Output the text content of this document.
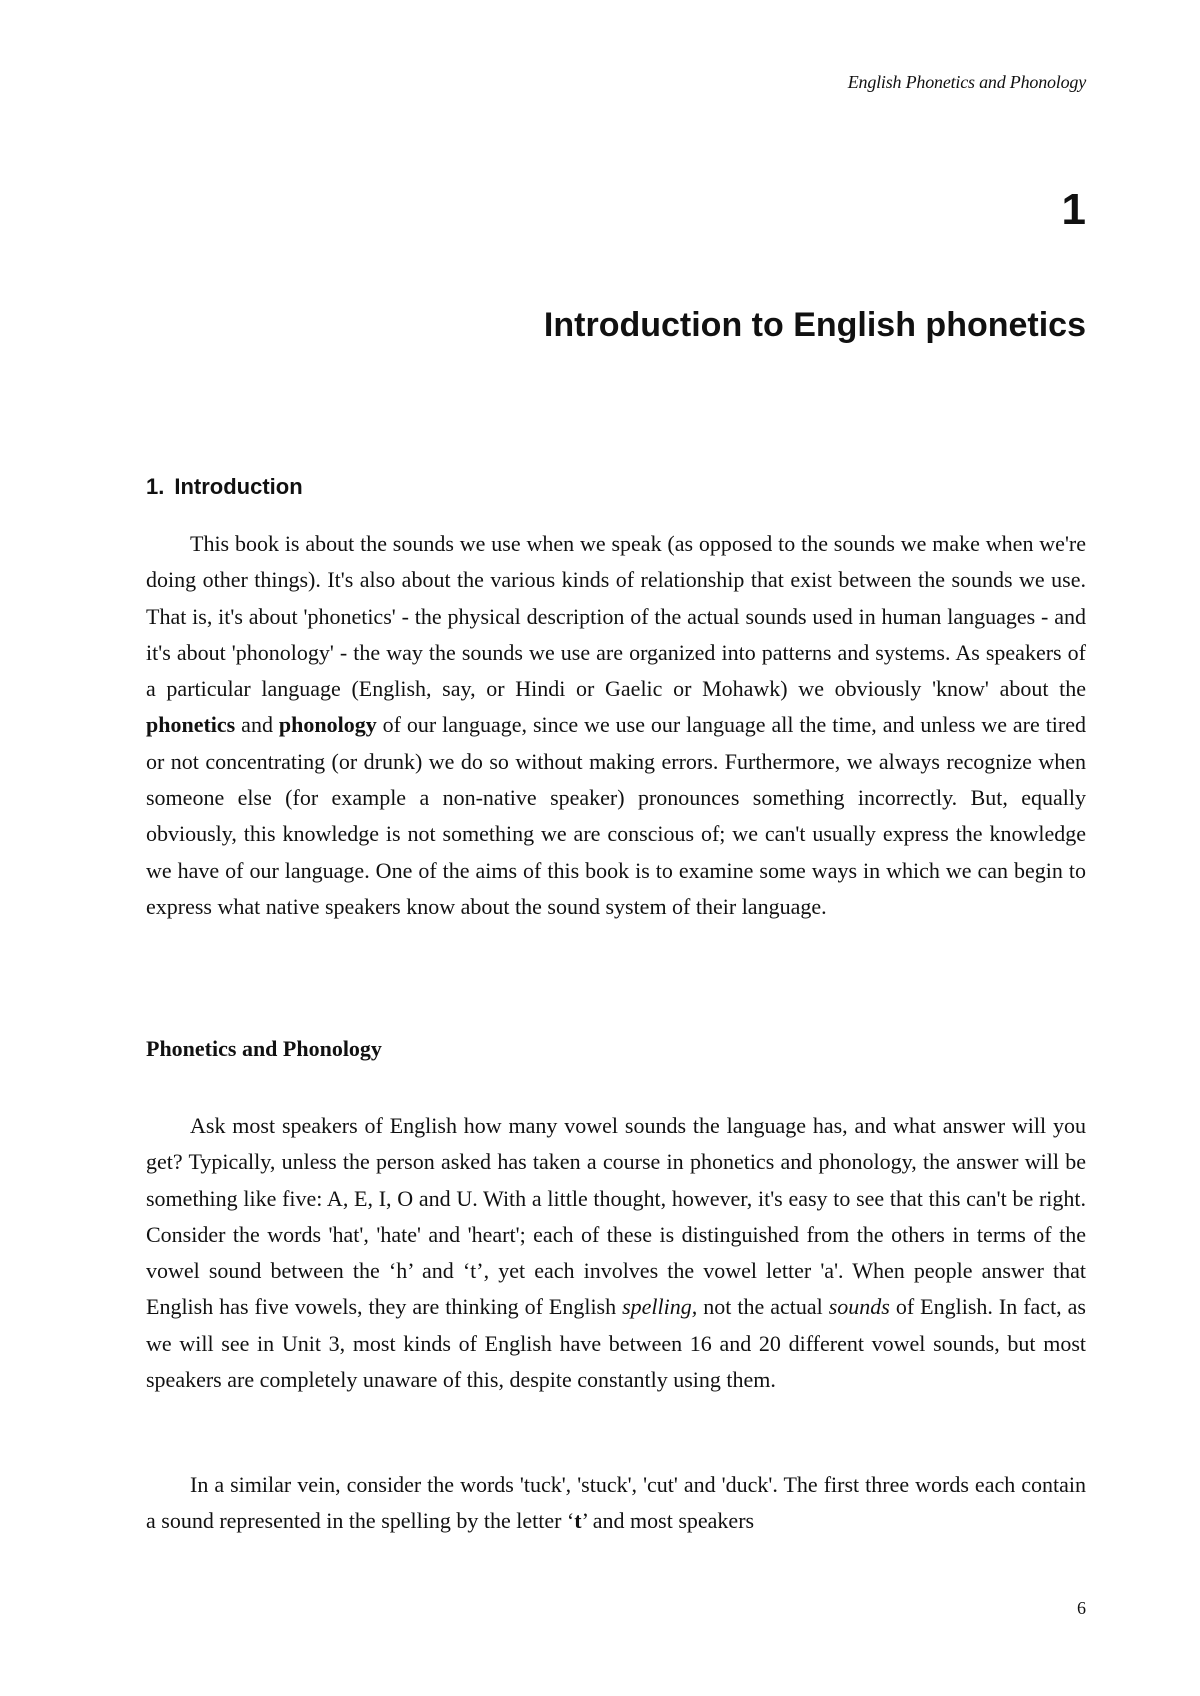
English Phonetics and Phonology
1
Introduction to English phonetics
1. Introduction

This book is about the sounds we use when we speak (as opposed to the sounds we make when we're doing other things). It's also about the various kinds of relationship that exist between the sounds we use. That is, it's about 'phonetics' - the physical description of the actual sounds used in human languages - and it's about 'phonology' - the way the sounds we use are organized into patterns and systems. As speakers of a particular language (English, say, or Hindi or Gaelic or Mohawk) we obviously 'know' about the phonetics and phonology of our language, since we use our language all the time, and unless we are tired or not concentrating (or drunk) we do so without making errors. Furthermore, we always recognize when someone else (for example a non-native speaker) pronounces something incorrectly. But, equally obviously, this knowledge is not something we are conscious of; we can't usually express the knowledge we have of our language. One of the aims of this book is to examine some ways in which we can begin to express what native speakers know about the sound system of their language.

Phonetics and Phonology

Ask most speakers of English how many vowel sounds the language has, and what answer will you get? Typically, unless the person asked has taken a course in phonetics and phonology, the answer will be something like five: A, E, I, O and U. With a little thought, however, it's easy to see that this can't be right. Consider the words 'hat', 'hate' and 'heart'; each of these is distinguished from the others in terms of the vowel sound between the ‘h’ and ‘t’, yet each involves the vowel letter 'a'. When people answer that English has five vowels, they are thinking of English spelling, not the actual sounds of English. In fact, as we will see in Unit 3, most kinds of English have between 16 and 20 different vowel sounds, but most speakers are completely unaware of this, despite constantly using them.

In a similar vein, consider the words 'tuck', 'stuck', 'cut' and 'duck'. The first three words each contain a sound represented in the spelling by the letter ‘t’ and most speakers

6
